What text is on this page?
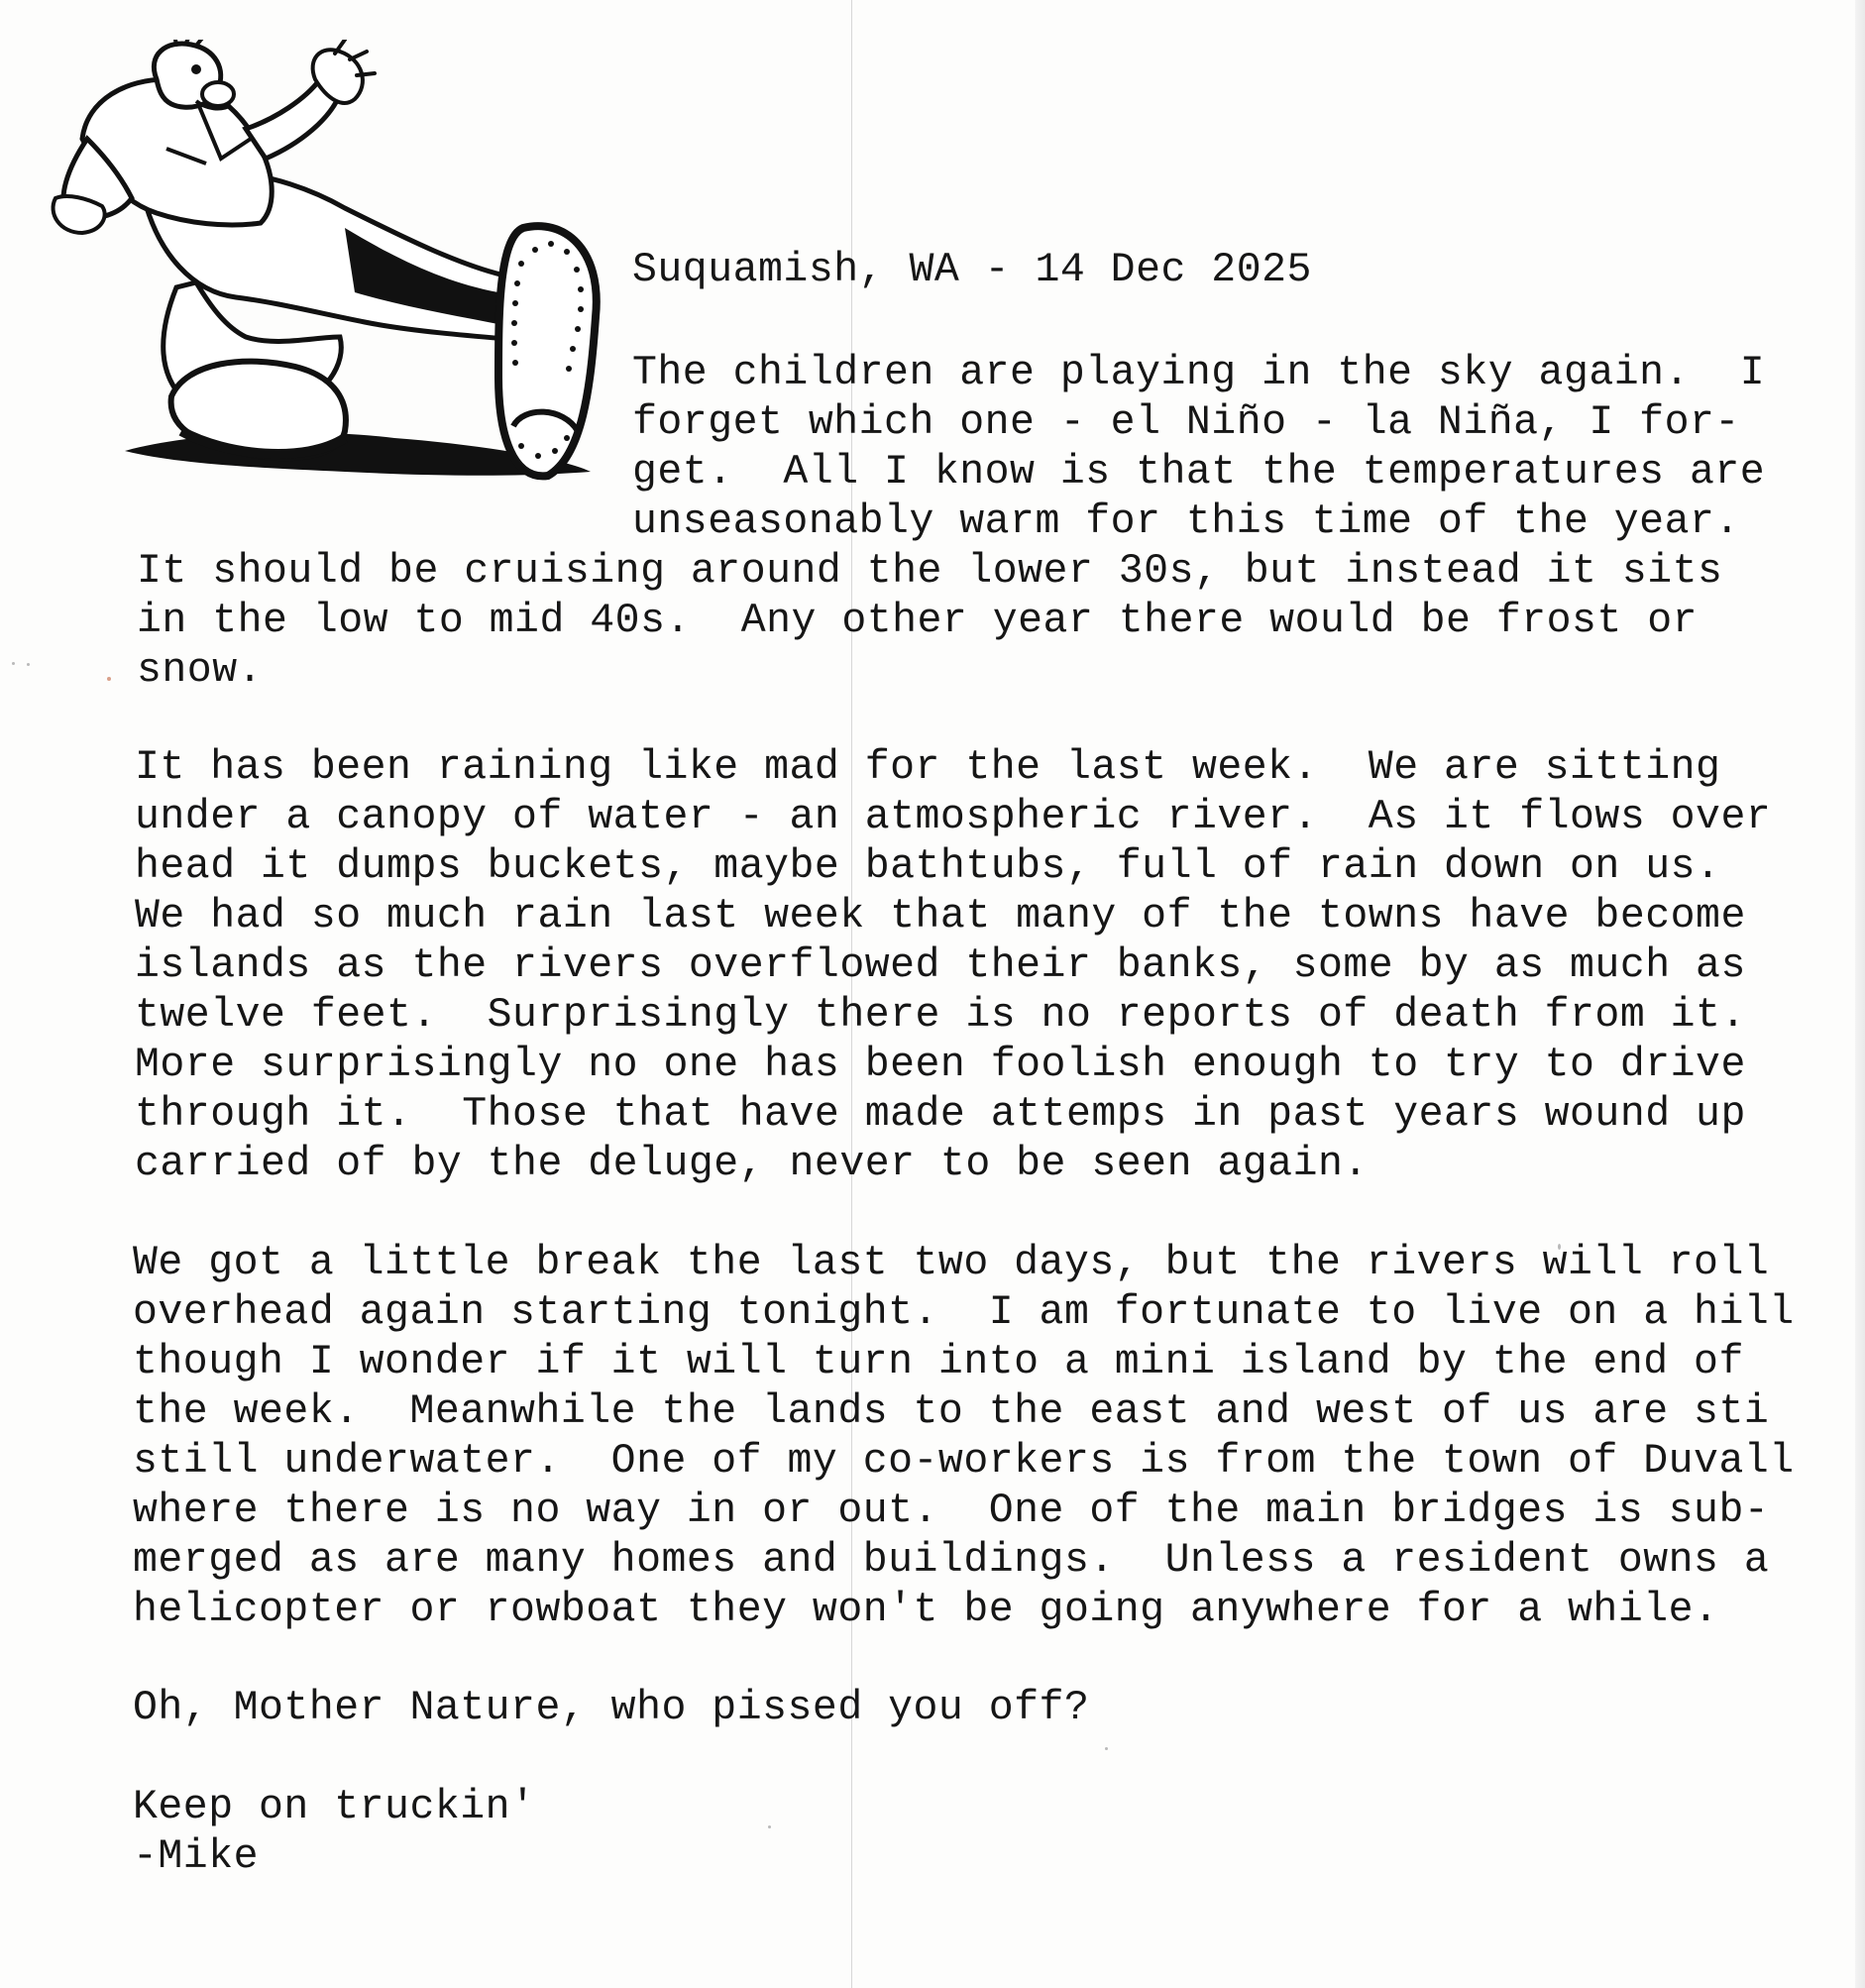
Suquamish, WA - 14 Dec 2025
The children are playing in the sky again.  I
forget which one - el Niño - la Niña, I for-
get.  All I know is that the temperatures are
unseasonably warm for this time of the year.
It should be cruising around the lower 30s, but instead it sits
in the low to mid 40s.  Any other year there would be frost or
snow.
It has been raining like mad for the last week.  We are sitting
under a canopy of water - an atmospheric river.  As it flows over
head it dumps buckets, maybe bathtubs, full of rain down on us.
We had so much rain last week that many of the towns have become
islands as the rivers overflowed their banks, some by as much as
twelve feet.  Surprisingly there is no reports of death from it.
More surprisingly no one has been foolish enough to try to drive
through it.  Those that have made attemps in past years wound up
carried of by the deluge, never to be seen again.
We got a little break the last two days, but the rivers will roll
overhead again starting tonight.  I am fortunate to live on a hill
though I wonder if it will turn into a mini island by the end of
the week.  Meanwhile the lands to the east and west of us are sti
still underwater.  One of my co-workers is from the town of Duvall
where there is no way in or out.  One of the main bridges is sub-
merged as are many homes and buildings.  Unless a resident owns a
helicopter or rowboat they won't be going anywhere for a while.
Oh, Mother Nature, who pissed you off?
Keep on truckin'
-Mike
